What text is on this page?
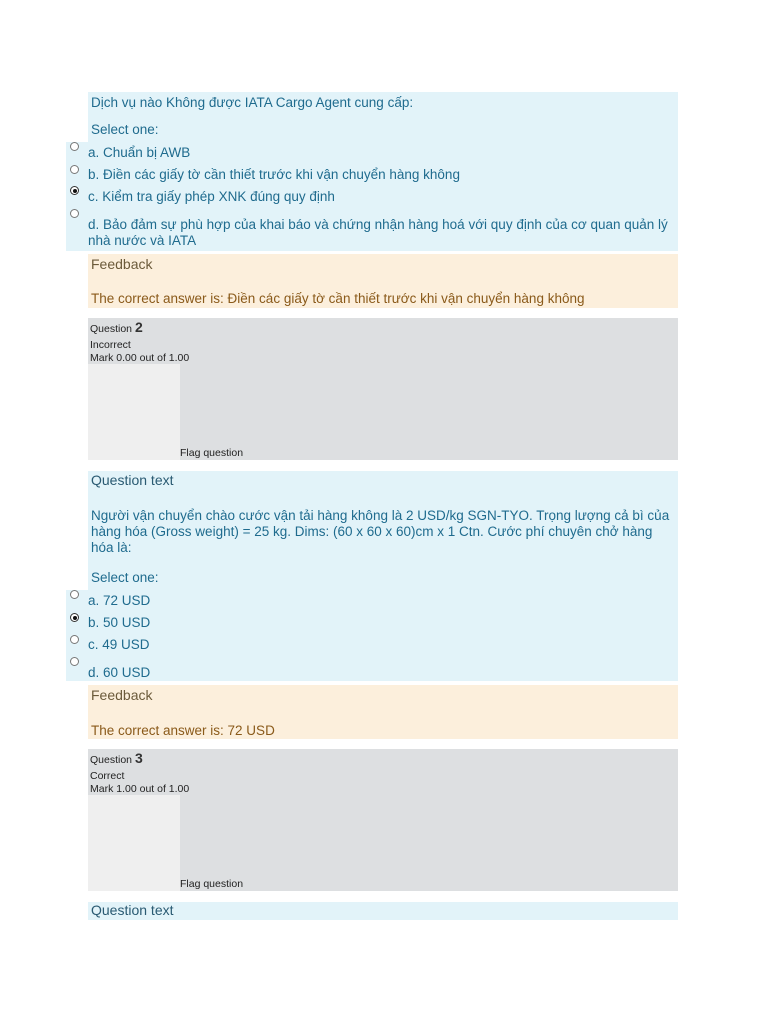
Dịch vụ nào Không được IATA Cargo Agent cung cấp:
Select one:
a. Chuẩn bị AWB
b. Điền các giấy tờ cần thiết trước khi vận chuyển hàng không
c. Kiểm tra giấy phép XNK đúng quy định
d. Bảo đảm sự phù hợp của khai báo và chứng nhận hàng hoá với quy định của cơ quan quản lý nhà nước và IATA
Feedback
The correct answer is: Điền các giấy tờ cần thiết trước khi vận chuyển hàng không
Question 2
Incorrect
Mark 0.00 out of 1.00
Flag question
Question text
Người vận chuyển chào cước vận tải hàng không là 2 USD/kg SGN-TYO. Trọng lượng cả bì của hàng hóa (Gross weight) = 25 kg. Dims: (60 x 60 x 60)cm x 1 Ctn. Cước phí chuyên chở hàng hóa là:
Select one:
a. 72 USD
b. 50 USD
c. 49 USD
d. 60 USD
Feedback
The correct answer is: 72 USD
Question 3
Correct
Mark 1.00 out of 1.00
Flag question
Question text
